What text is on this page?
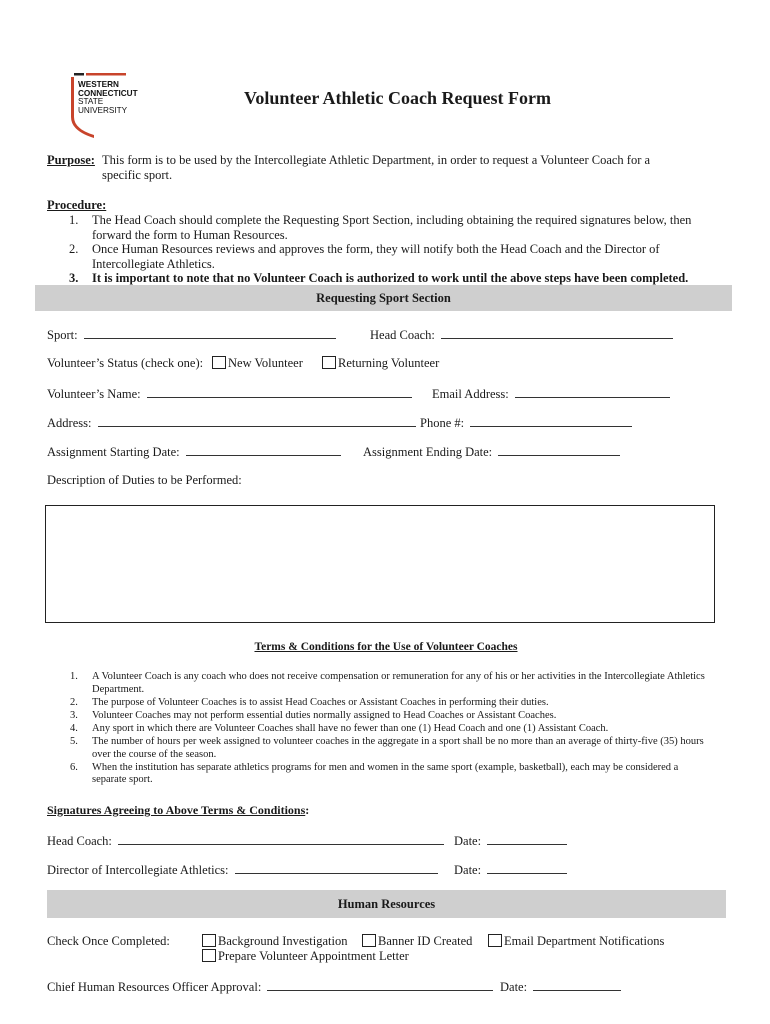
WESTERN
CONNECTICUT
STATE
UNIVERSITY
Volunteer Athletic Coach Request Form
Purpose: This form is to be used by the Intercollegiate Athletic Department, in order to request a Volunteer Coach for a
specific sport.
Procedure:
1. The Head Coach should complete the Requesting Sport Section, including obtaining the required signatures below, then
forward the form to Human Resources.
2. Once Human Resources reviews and approves the form, they will notify both the Head Coach and the Director of
Intercollegiate Athletics.
3. It is important to note that no Volunteer Coach is authorized to work until the above steps have been completed.
Requesting Sport Section
Sport:	Head Coach:
Volunteer’s Status (check one):	New Volunteer	Returning Volunteer
Volunteer’s Name:	Email Address:
Address:	Phone #:
Assignment Starting Date:	Assignment Ending Date:
Description of Duties to be Performed:
Terms & Conditions for the Use of Volunteer Coaches
1. A Volunteer Coach is any coach who does not receive compensation or remuneration for any of his or her activities in the Intercollegiate Athletics Department.
2. The purpose of Volunteer Coaches is to assist Head Coaches or Assistant Coaches in performing their duties.
3. Volunteer Coaches may not perform essential duties normally assigned to Head Coaches or Assistant Coaches.
4. Any sport in which there are Volunteer Coaches shall have no fewer than one (1) Head Coach and one (1) Assistant Coach.
5. The number of hours per week assigned to volunteer coaches in the aggregate in a sport shall be no more than an average of thirty-five (35) hours over the course of the season.
6. When the institution has separate athletics programs for men and women in the same sport (example, basketball), each may be considered a separate sport.
Signatures Agreeing to Above Terms & Conditions:
Head Coach:	Date:
Director of Intercollegiate Athletics:	Date:
Human Resources
Check Once Completed:	Background Investigation	Banner ID Created	Email Department Notifications
Prepare Volunteer Appointment Letter
Chief Human Resources Officer Approval:	Date:
